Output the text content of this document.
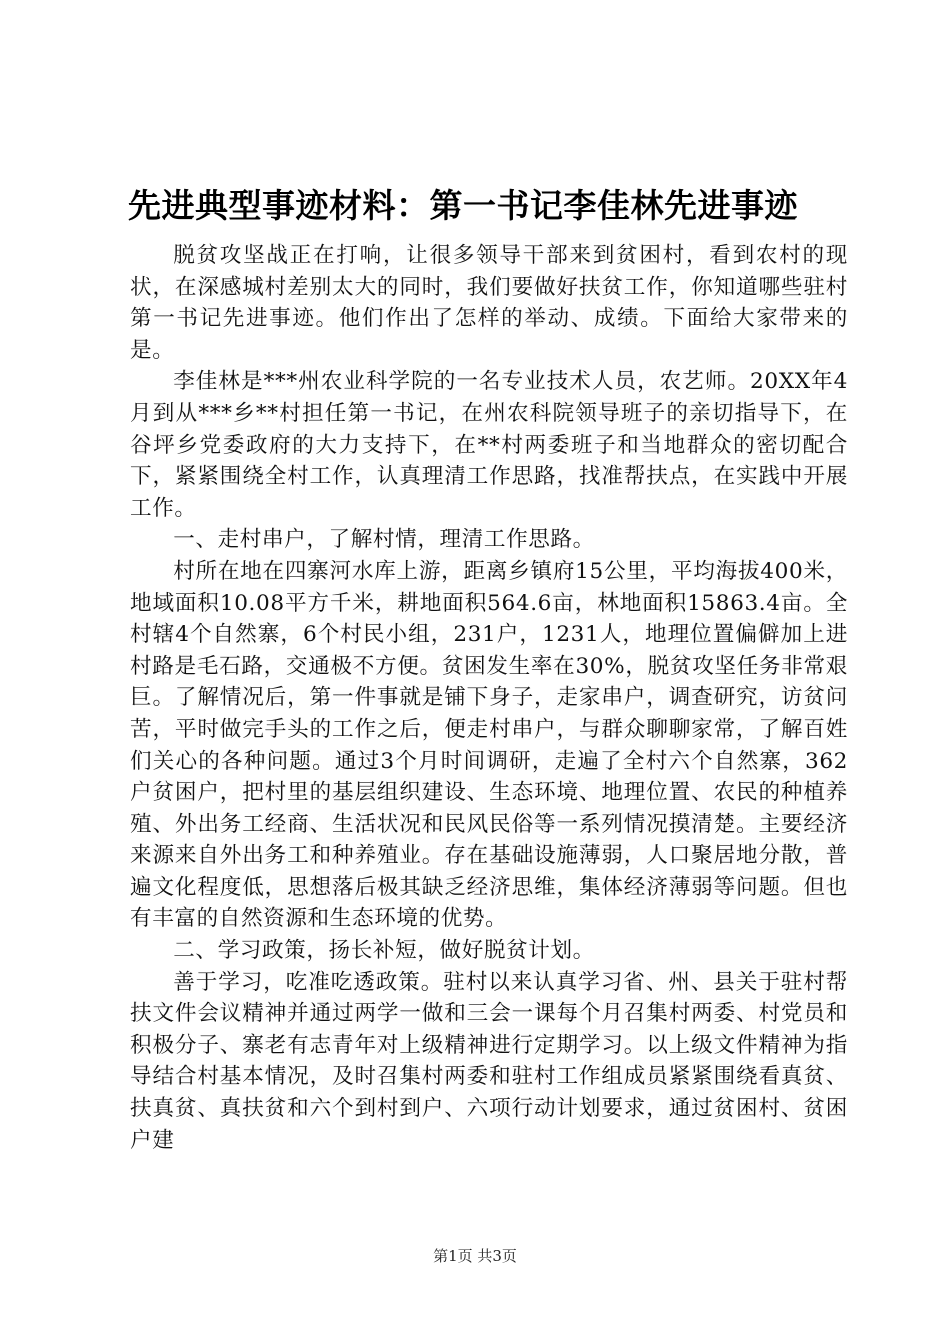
先进典型事迹材料：第一书记李佳林先进事迹

脱贫攻坚战正在打响，让很多领导干部来到贫困村，看到农村的现状，在深感城村差别太大的同时，我们要做好扶贫工作，你知道哪些驻村第一书记先进事迹。他们作出了怎样的举动、成绩。下面给大家带来的是。

李佳林是***州农业科学院的一名专业技术人员，农艺师。20XX年4月到从***乡**村担任第一书记，在州农科院领导班子的亲切指导下，在谷坪乡党委政府的大力支持下，在**村两委班子和当地群众的密切配合下，紧紧围绕全村工作，认真理清工作思路，找准帮扶点，在实践中开展工作。

一、走村串户，了解村情，理清工作思路。

村所在地在四寨河水库上游，距离乡镇府15公里，平均海拔400米，地域面积10.08平方千米，耕地面积564.6亩，林地面积15863.4亩。全村辖4个自然寨，6个村民小组，231户，1231人，地理位置偏僻加上进村路是毛石路，交通极不方便。贫困发生率在30%，脱贫攻坚任务非常艰巨。了解情况后，第一件事就是铺下身子，走家串户，调查研究，访贫问苦，平时做完手头的工作之后，便走村串户，与群众聊聊家常，了解百姓们关心的各种问题。通过3个月时间调研，走遍了全村六个自然寨，362户贫困户，把村里的基层组织建设、生态环境、地理位置、农民的种植养殖、外出务工经商、生活状况和民风民俗等一系列情况摸清楚。主要经济来源来自外出务工和种养殖业。存在基础设施薄弱，人口聚居地分散，普遍文化程度低，思想落后极其缺乏经济思维，集体经济薄弱等问题。但也有丰富的自然资源和生态环境的优势。

二、学习政策，扬长补短，做好脱贫计划。

善于学习，吃准吃透政策。驻村以来认真学习省、州、县关于驻村帮扶文件会议精神并通过两学一做和三会一课每个月召集村两委、村党员和积极分子、寨老有志青年对上级精神进行定期学习。以上级文件精神为指导结合村基本情况，及时召集村两委和驻村工作组成员紧紧围绕看真贫、扶真贫、真扶贫和六个到村到户、六项行动计划要求，通过贫困村、贫困户建

第1页 共3页
